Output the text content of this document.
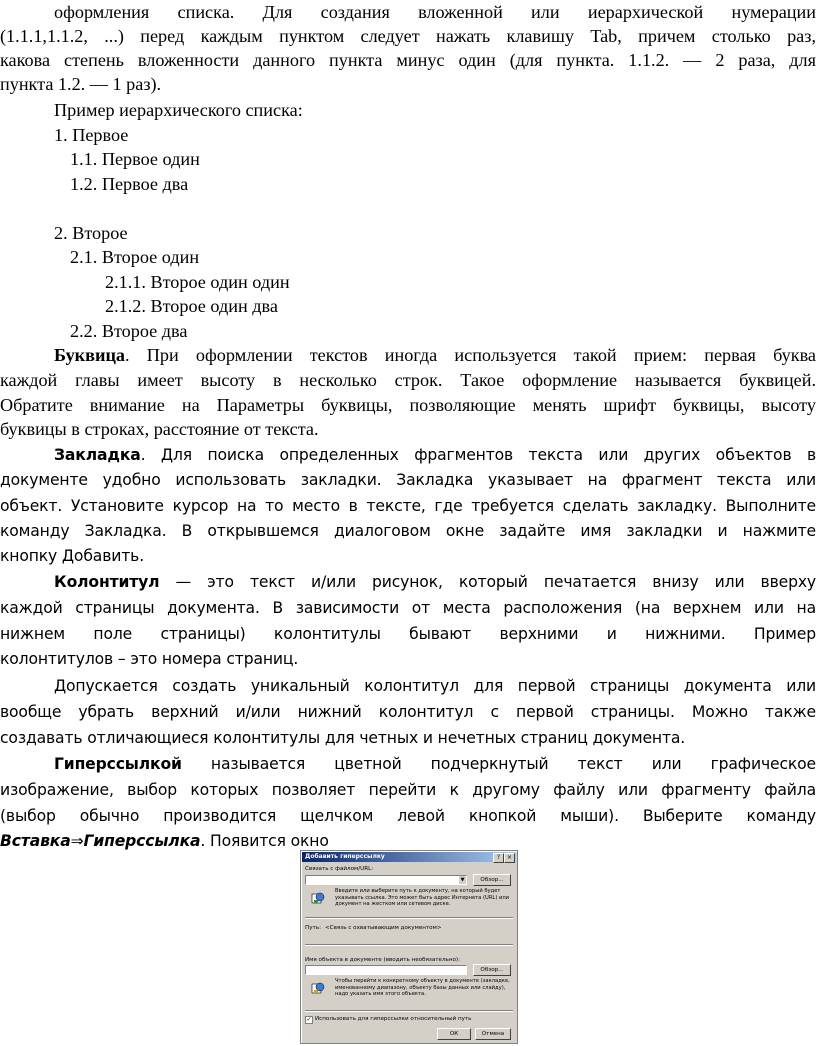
оформления списка. Для создания вложенной или иерархической нумерации
(1.1.1,1.1.2, ...) перед каждым пунктом следует нажать клавишу Tab, причем столько раз,
какова степень вложенности данного пункта минус один (для пункта. 1.1.2. — 2 раза, для
пункта 1.2. — 1 раз).
Пример иерархического списка:
1. Первое
1.1. Первое один
1.2. Первое два
2. Второе
2.1. Второе один
2.1.1. Второе один один
2.1.2. Второе один два
2.2. Второе два
Буквица. При оформлении текстов иногда используется такой прием: первая буква
каждой главы имеет высоту в несколько строк. Такое оформление называется буквицей.
Обратите внимание на Параметры буквицы, позволяющие менять шрифт буквицы, высоту
буквицы в строках, расстояние от текста.
Закладка. Для поиска определенных фрагментов текста или других объектов в
документе удобно использовать закладки. Закладка указывает на фрагмент текста или
объект. Установите курсор на то место в тексте, где требуется сделать закладку. Выполните
команду Закладка. В открывшемся диалоговом окне задайте имя закладки и нажмите
кнопку Добавить.
Колонтитул — это текст и/или рисунок, который печатается внизу или вверху
каждой страницы документа. В зависимости от места расположения (на верхнем или на
нижнем поле страницы) колонтитулы бывают верхними и нижними. Пример
колонтитулов – это номера страниц.
Допускается создать уникальный колонтитул для первой страницы документа или
вообще убрать верхний и/или нижний колонтитул с первой страницы. Можно также
создавать отличающиеся колонтитулы для четных и нечетных страниц документа.
Гиперссылкой называется цветной подчеркнутый текст или графическое
изображение, выбор которых позволяет перейти к другому файлу или фрагменту файла
(выбор обычно производится щелчком левой кнопкой мыши). Выберите команду
Вставка⇒Гиперссылка. Появится окно
Добавить гиперссылку	?	×
Связать с файлом/URL:
▼	Обзор...
Введите или выберите путь к документу, на который будет указывать ссылка. Это может быть адрес Интернета (URL) или документ на жестком или сетевом диске.
Путь: <Связь с охватывающим документом>
Имя объекта в документе (вводить необязательно):
Обзор...
Чтобы перейти к конкретному объекту в документе (закладке, именованному диапазону, объекту базы данных или слайду), надо указать имя этого объекта.
✓ Использовать для гиперссылки относительный путь
ОК	Отмена
